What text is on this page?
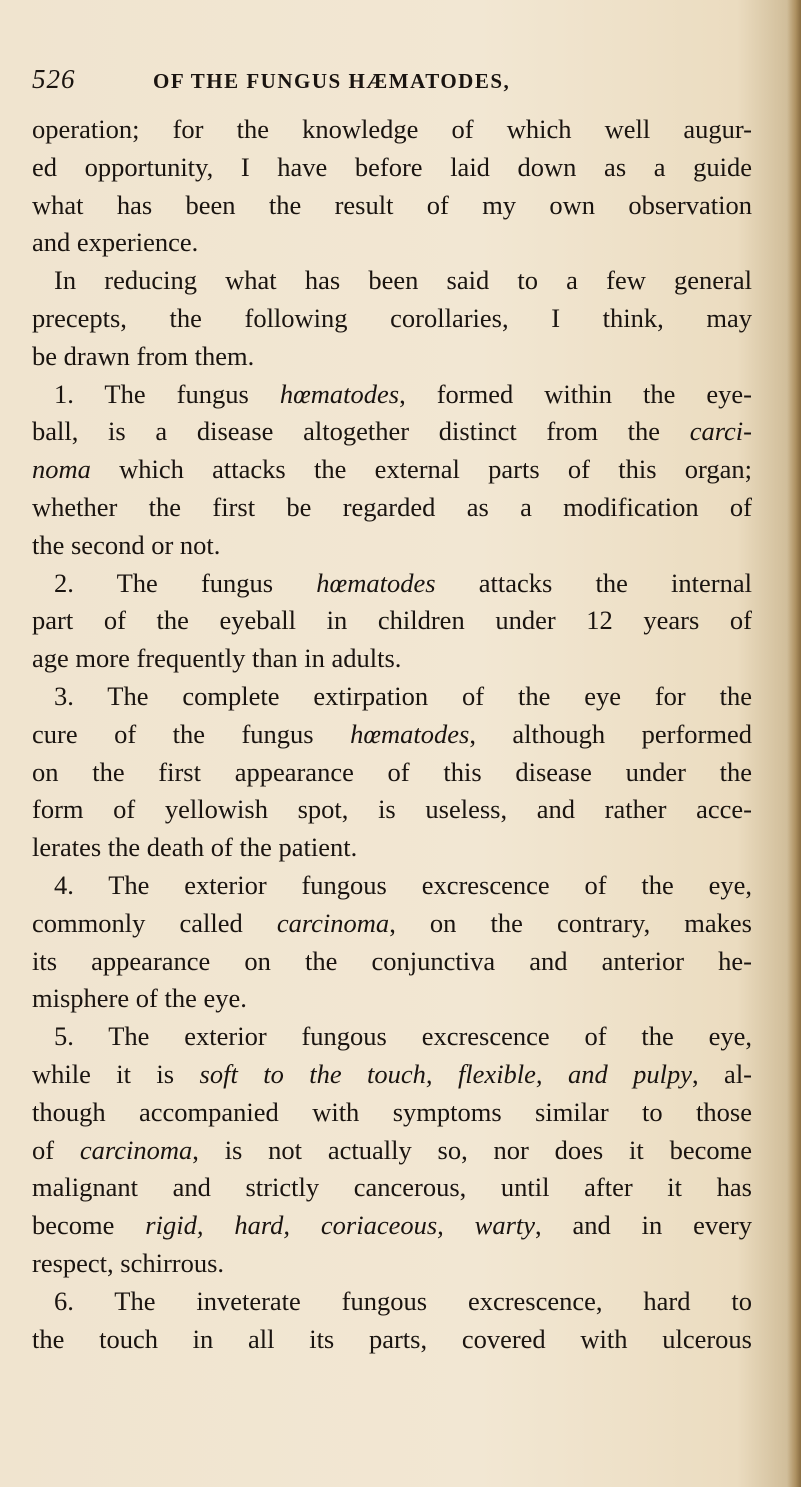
526	OF THE FUNGUS HÆMATODES,
operation; for the knowledge of which well augur-
ed opportunity, I have before laid down as a guide
what has been the result of my own observation
and experience.
In reducing what has been said to a few general
precepts, the following corollaries, I think, may
be drawn from them.
1. The fungus hœmatodes, formed within the eye-
ball, is a disease altogether distinct from the carci-
noma which attacks the external parts of this organ;
whether the first be regarded as a modification of
the second or not.
2. The fungus hœmatodes attacks the internal
part of the eyeball in children under 12 years of
age more frequently than in adults.
3. The complete extirpation of the eye for the
cure of the fungus hœmatodes, although performed
on the first appearance of this disease under the
form of yellowish spot, is useless, and rather acce-
lerates the death of the patient.
4. The exterior fungous excrescence of the eye,
commonly called carcinoma, on the contrary, makes
its appearance on the conjunctiva and anterior he-
misphere of the eye.
5. The exterior fungous excrescence of the eye,
while it is soft to the touch, flexible, and pulpy, al-
though accompanied with symptoms similar to those
of carcinoma, is not actually so, nor does it become
malignant and strictly cancerous, until after it has
become rigid, hard, coriaceous, warty, and in every
respect, schirrous.
6. The inveterate fungous excrescence, hard to
the touch in all its parts, covered with ulcerous
